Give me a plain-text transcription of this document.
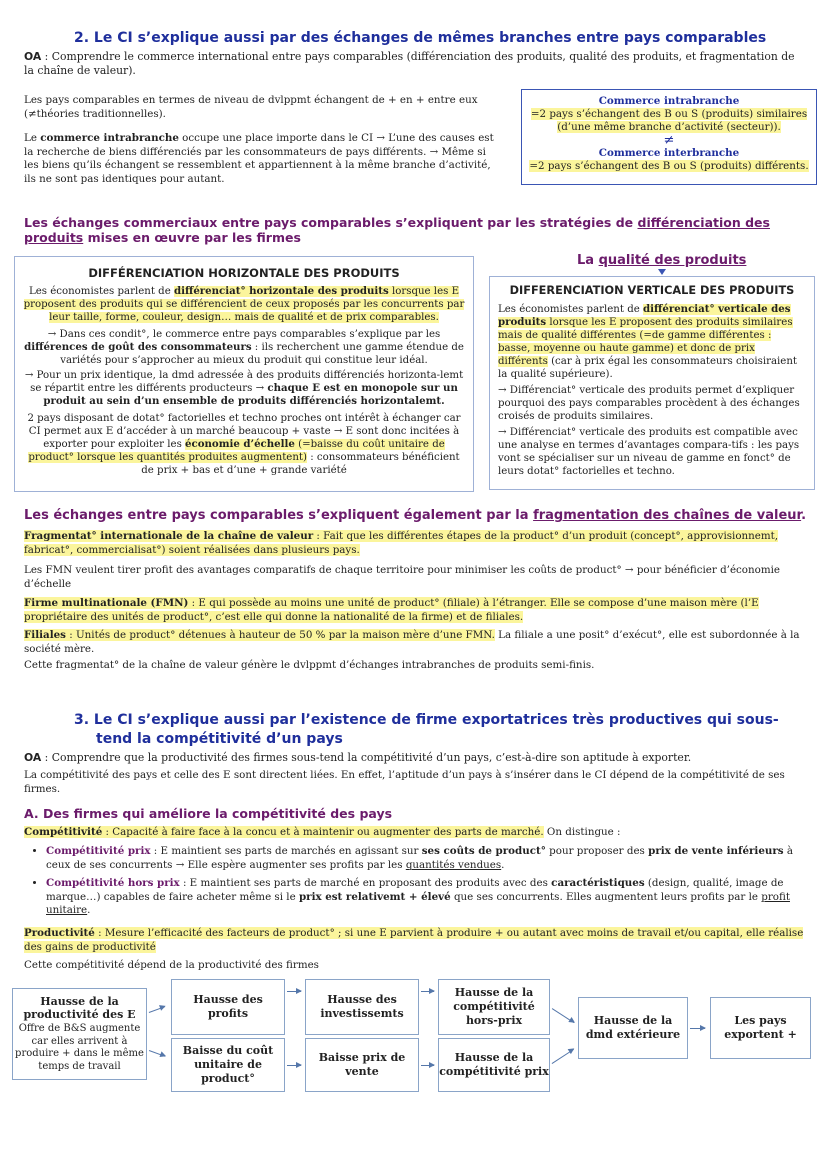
2. Le CI s’explique aussi par des échanges de mêmes branches entre pays comparables
OA : Comprendre le commerce international entre pays comparables (différenciation des produits, qualité des produits, et fragmentation de la chaîne de valeur).
Les pays comparables en termes de niveau de dvlppmt échangent de + en + entre eux (≠théories traditionnelles).
Le commerce intrabranche occupe une place importe dans le CI → L’une des causes est la recherche de biens différenciés par les consommateurs de pays différents. → Même si les biens qu’ils échangent se ressemblent et appartiennent à la même branche d’activité, ils ne sont pas identiques pour autant.
Commerce intrabranche
=2 pays s’échangent des B ou S (produits) similaires (d’une même branche d’activité (secteur)).
≠
Commerce interbranche
=2 pays s’échangent des B ou S (produits) différents.
Les échanges commerciaux entre pays comparables s’expliquent par les stratégies de différenciation des produits mises en œuvre par les firmes
La qualité des produits
DIFFÉRENCIATION HORIZONTALE DES PRODUITS
Les économistes parlent de différenciat° horizontale des produits lorsque les E proposent des produits qui se différencient de ceux proposés par les concurrents par leur taille, forme, couleur, design… mais de qualité et de prix comparables.
→ Dans ces condit°, le commerce entre pays comparables s’explique par les différences de goût des consommateurs : ils recherchent une gamme étendue de variétés pour s’approcher au mieux du produit qui constitue leur idéal.
→ Pour un prix identique, la dmd adressée à des produits différenciés horizonta-lemt se répartit entre les différents producteurs → chaque E est en monopole sur un produit au sein d’un ensemble de produits différenciés horizontalemt.
2 pays disposant de dotat° factorielles et techno proches ont intérêt à échanger car CI permet aux E d’accéder à un marché beaucoup + vaste → E sont donc incitées à exporter pour exploiter les économie d’échelle (=baisse du coût unitaire de product° lorsque les quantités produites augmentent) : consommateurs bénéficient de prix + bas et d’une + grande variété
DIFFERENCIATION VERTICALE DES PRODUITS
Les économistes parlent de différenciat° verticale des produits lorsque les E proposent des produits similaires mais de qualité différentes (=de gamme différentes : basse, moyenne ou haute gamme) et donc de prix différents (car à prix égal les consommateurs choisiraient la qualité supérieure).
→ Différenciat° verticale des produits permet d’expliquer pourquoi des pays comparables procèdent à des échanges croisés de produits similaires.
→ Différenciat° verticale des produits est compatible avec une analyse en termes d’avantages compara-tifs : les pays vont se spécialiser sur un niveau de gamme en fonct° de leurs dotat° factorielles et techno.
Les échanges entre pays comparables s’expliquent également par la fragmentation des chaînes de valeur.
Fragmentat° internationale de la chaîne de valeur : Fait que les différentes étapes de la product° d’un produit (concept°, approvisionnemt, fabricat°, commercialisat°) soient réalisées dans plusieurs pays.
Les FMN veulent tirer profit des avantages comparatifs de chaque territoire pour minimiser les coûts de product° → pour bénéficier d’économie d’échelle
Firme multinationale (FMN) : E qui possède au moins une unité de product° (filiale) à l’étranger. Elle se compose d’une maison mère (l’E propriétaire des unités de product°, c’est elle qui donne la nationalité de la firme) et de filiales.
Filiales : Unités de product° détenues à hauteur de 50 % par la maison mère d’une FMN. La filiale a une posit° d’exécut°, elle est subordonnée à la société mère.
Cette fragmentat° de la chaîne de valeur génère le dvlppmt d’échanges intrabranches de produits semi-finis.
3. Le CI s’explique aussi par l’existence de firme exportatrices très productives qui sous-
tend la compétitivité d’un pays
OA : Comprendre que la productivité des firmes sous-tend la compétitivité d’un pays, c’est-à-dire son aptitude à exporter.
La compétitivité des pays et celle des E sont directent liées. En effet, l’aptitude d’un pays à s’insérer dans le CI dépend de la compétitivité de ses firmes.
A. Des firmes qui améliore la compétitivité des pays
Compétitivité : Capacité à faire face à la concu et à maintenir ou augmenter des parts de marché. On distingue :
• Compétitivité prix : E maintient ses parts de marchés en agissant sur ses coûts de product° pour proposer des prix de vente inférieurs à ceux de ses concurrents → Elle espère augmenter ses profits par les quantités vendues.
• Compétitivité hors prix : E maintient ses parts de marché en proposant des produits avec des caractéristiques (design, qualité, image de marque…) capables de faire acheter même si le prix est relativemt + élevé que ses concurrents. Elles augmentent leurs profits par le profit unitaire.
Productivité : Mesure l’efficacité des facteurs de product° ; si une E parvient à produire + ou autant avec moins de travail et/ou capital, elle réalise des gains de productivité
Cette compétitivité dépend de la productivité des firmes
Hausse de la productivité des E
Offre de B&S augmente car elles arrivent à produire + dans le même temps de travail
Hausse des profits
Baisse du coût unitaire de product°
Hausse des investissemts
Baisse prix de vente
Hausse de la compétitivité hors-prix
Hausse de la compétitivité prix
Hausse de la dmd extérieure
Les pays exportent +
